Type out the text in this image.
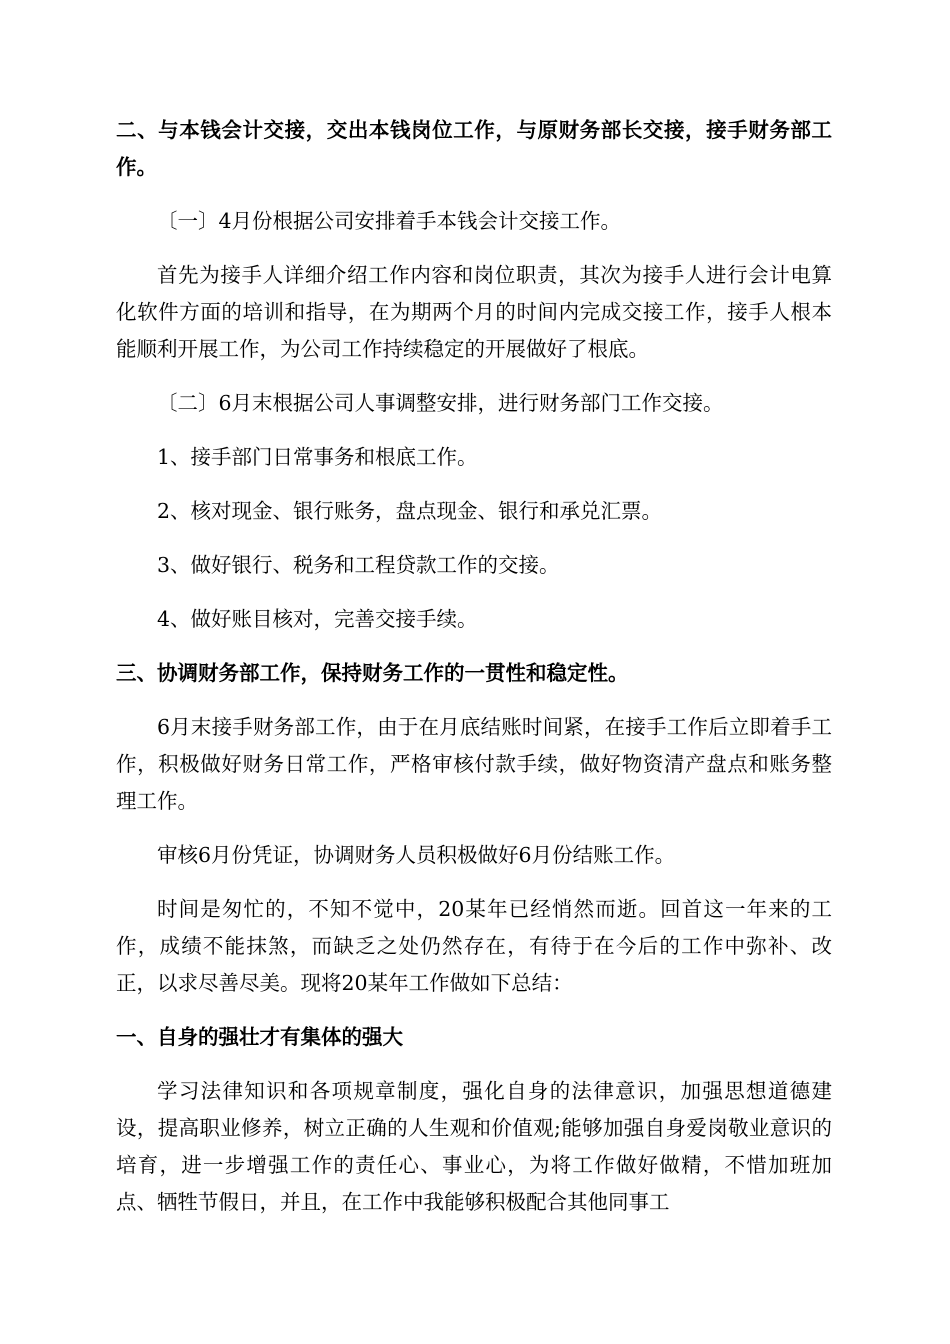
二、与本钱会计交接，交出本钱岗位工作，与原财务部长交接，接手财务部工作。

〔一〕4月份根据公司安排着手本钱会计交接工作。

首先为接手人详细介绍工作内容和岗位职责，其次为接手人进行会计电算化软件方面的培训和指导，在为期两个月的时间内完成交接工作，接手人根本能顺利开展工作，为公司工作持续稳定的开展做好了根底。

〔二〕6月末根据公司人事调整安排，进行财务部门工作交接。

1、接手部门日常事务和根底工作。

2、核对现金、银行账务，盘点现金、银行和承兑汇票。

3、做好银行、税务和工程贷款工作的交接。

4、做好账目核对，完善交接手续。

三、协调财务部工作，保持财务工作的一贯性和稳定性。

6月末接手财务部工作，由于在月底结账时间紧，在接手工作后立即着手工作，积极做好财务日常工作，严格审核付款手续，做好物资清产盘点和账务整理工作。

审核6月份凭证，协调财务人员积极做好6月份结账工作。

时间是匆忙的，不知不觉中，20某年已经悄然而逝。回首这一年来的工作，成绩不能抹煞，而缺乏之处仍然存在，有待于在今后的工作中弥补、改正，以求尽善尽美。现将20某年工作做如下总结：

一、自身的强壮才有集体的强大

学习法律知识和各项规章制度，强化自身的法律意识，加强思想道德建设，提高职业修养，树立正确的人生观和价值观;能够加强自身爱岗敬业意识的培育，进一步增强工作的责任心、事业心，为将工作做好做精，不惜加班加点、牺牲节假日，并且，在工作中我能够积极配合其他同事工
